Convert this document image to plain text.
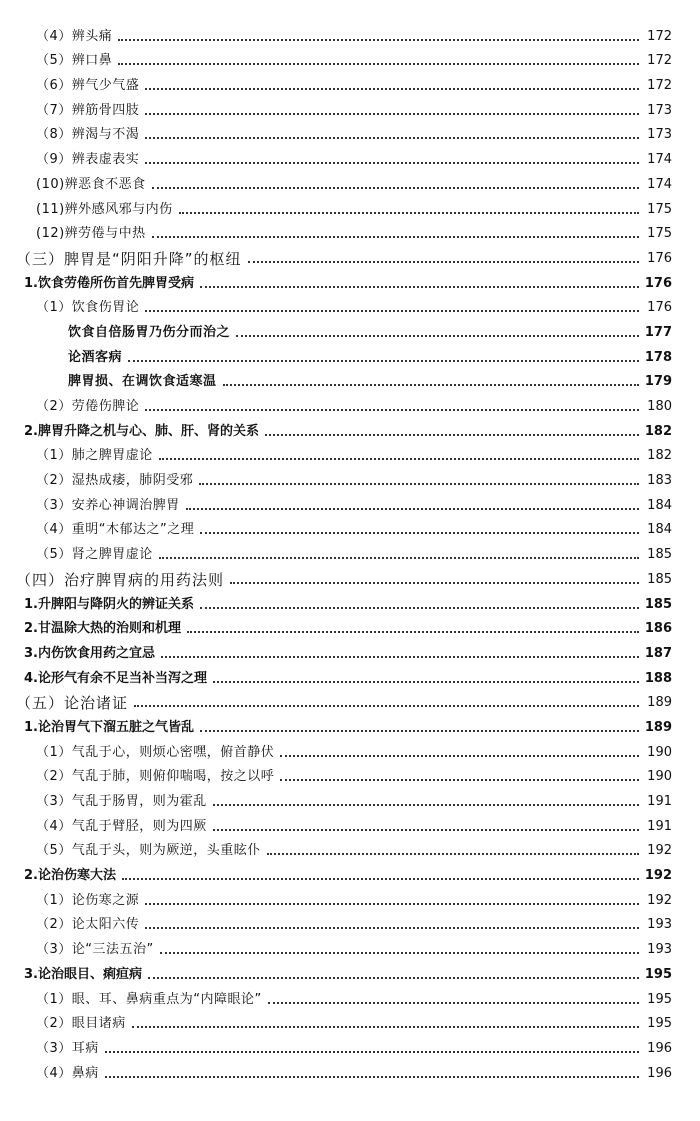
（4）辨头痛	172
（5）辨口鼻	172
（6）辨气少气盛	172
（7）辨筋骨四肢	173
（8）辨渴与不渴	173
（9）辨表虚表实	174
(10)辨恶食不恶食	174
(11)辨外感风邪与内伤	175
(12)辨劳倦与中热	175
（三）脾胃是“阴阳升降”的枢纽	176
1.饮食劳倦所伤首先脾胃受病	176
（1）饮食伤胃论	176
饮食自倍肠胃乃伤分而治之	177
论酒客病	178
脾胃损、在调饮食适寒温	179
（2）劳倦伤脾论	180
2.脾胃升降之机与心、肺、肝、肾的关系	182
（1）肺之脾胃虚论	182
（2）湿热成痿，肺阴受邪	183
（3）安养心神调治脾胃	184
（4）重明“木郁达之”之理	184
（5）肾之脾胃虚论	185
（四）治疗脾胃病的用药法则	185
1.升脾阳与降阴火的辨证关系	185
2.甘温除大热的治则和机理	186
3.内伤饮食用药之宜忌	187
4.论形气有余不足当补当泻之理	188
（五）论治诸证	189
1.论治胃气下溜五脏之气皆乱	189
（1）气乱于心，则烦心密嘿，俯首静伏	190
（2）气乱于肺，则俯仰喘喝，按之以呼	190
（3）气乱于肠胃，则为霍乱	191
（4）气乱于臂胫，则为四厥	191
（5）气乱于头，则为厥逆，头重眩仆	192
2.论治伤寒大法	192
（1）论伤寒之源	192
（2）论太阳六传	193
（3）论“三法五治”	193
3.论治眼目、痢疸病	195
（1）眼、耳、鼻病重点为“内障眼论”	195
（2）眼目诸病	195
（3）耳病	196
（4）鼻病	196
